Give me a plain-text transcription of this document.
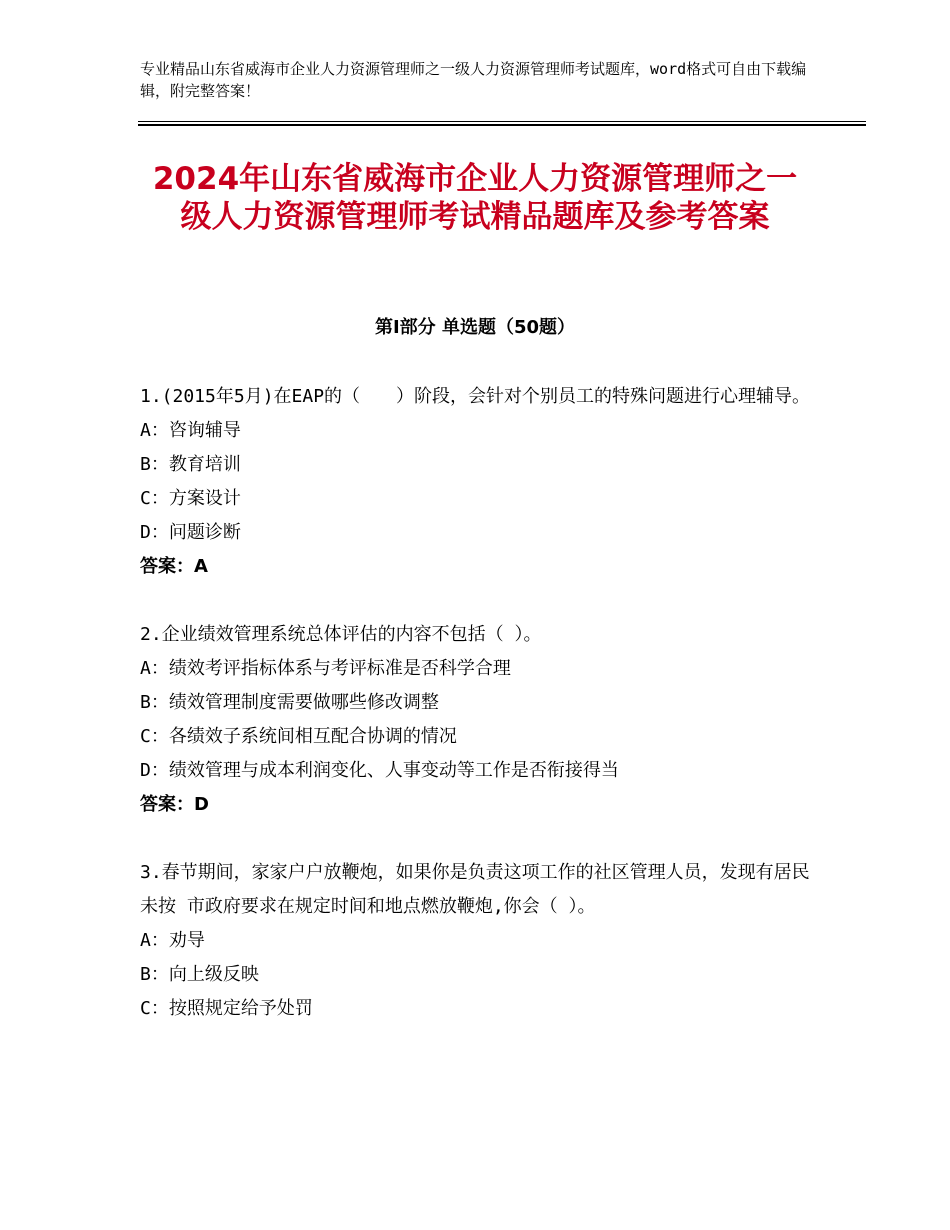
专业精品山东省威海市企业人力资源管理师之一级人力资源管理师考试题库，word格式可自由下载编辑，附完整答案！
2024年山东省威海市企业人力资源管理师之一级人力资源管理师考试精品题库及参考答案
第Ⅰ部分 单选题（50题）

1.(2015年5月)在EAP的（　　）阶段，会针对个别员工的特殊问题进行心理辅导。

A：咨询辅导

B：教育培训

C：方案设计

D：问题诊断

答案：A

2.企业绩效管理系统总体评估的内容不包括（ ）。

A：绩效考评指标体系与考评标准是否科学合理

B：绩效管理制度需要做哪些修改调整

C：各绩效子系统间相互配合协调的情况

D：绩效管理与成本利润变化、人事变动等工作是否衔接得当

答案：D

3.春节期间，家家户户放鞭炮，如果你是负责这项工作的社区管理人员，发现有居民未按 市政府要求在规定时间和地点燃放鞭炮,你会（ ）。

A：劝导

B：向上级反映

C：按照规定给予处罚
